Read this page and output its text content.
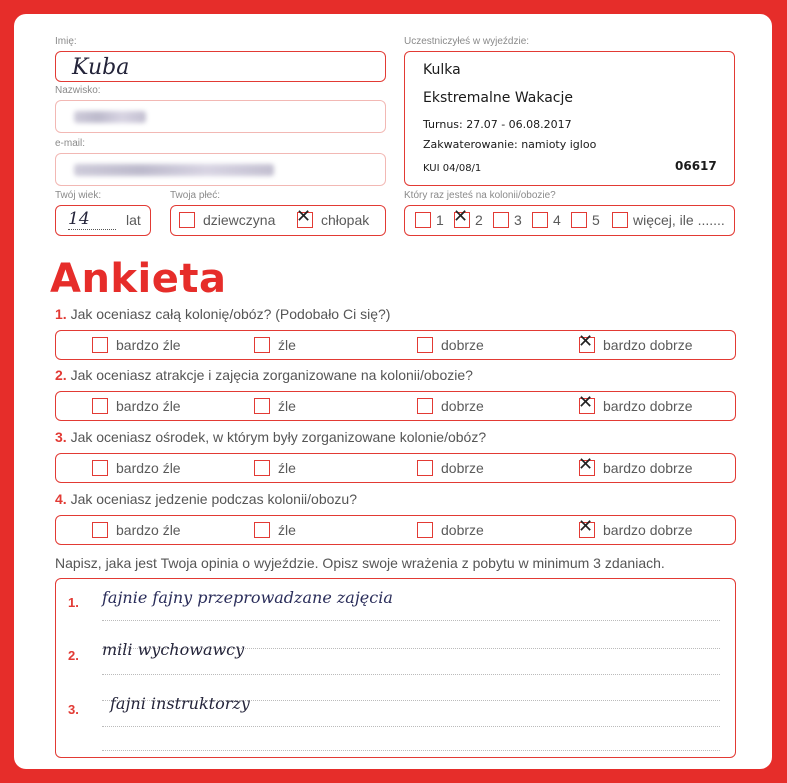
Imię:
Kuba
Nazwisko:
e-mail:
Twój wiek:
14	lat
Twoja płeć:
dziewczyna ✕ chłopak
Uczestniczyłeś w wyjeździe:
Kulka
Ekstremalne Wakacje
Turnus: 27.07 - 06.08.2017
Zakwaterowanie: namioty igloo
KUI 04/08/1	06617
Który raz jesteś na kolonii/obozie?
1 ✕ 2 3 4 5 więcej, ile .......
Ankieta
1. Jak oceniasz całą kolonię/obóz? (Podobało Ci się?)
bardzo źle	źle	dobrze	✕ bardzo dobrze
2. Jak oceniasz atrakcje i zajęcia zorganizowane na kolonii/obozie?
bardzo źle	źle	dobrze	✕ bardzo dobrze
3. Jak oceniasz ośrodek, w którym były zorganizowane kolonie/obóz?
bardzo źle	źle	dobrze	✕ bardzo dobrze
4. Jak oceniasz jedzenie podczas kolonii/obozu?
bardzo źle	źle	dobrze	✕ bardzo dobrze
Napisz, jaka jest Twoja opinia o wyjeździe. Opisz swoje wrażenia z pobytu w minimum 3 zdaniach.
1. fajnie fajny przeprowadzane zajęcia
2. mili wychowawcy
3. fajni instruktorzy
